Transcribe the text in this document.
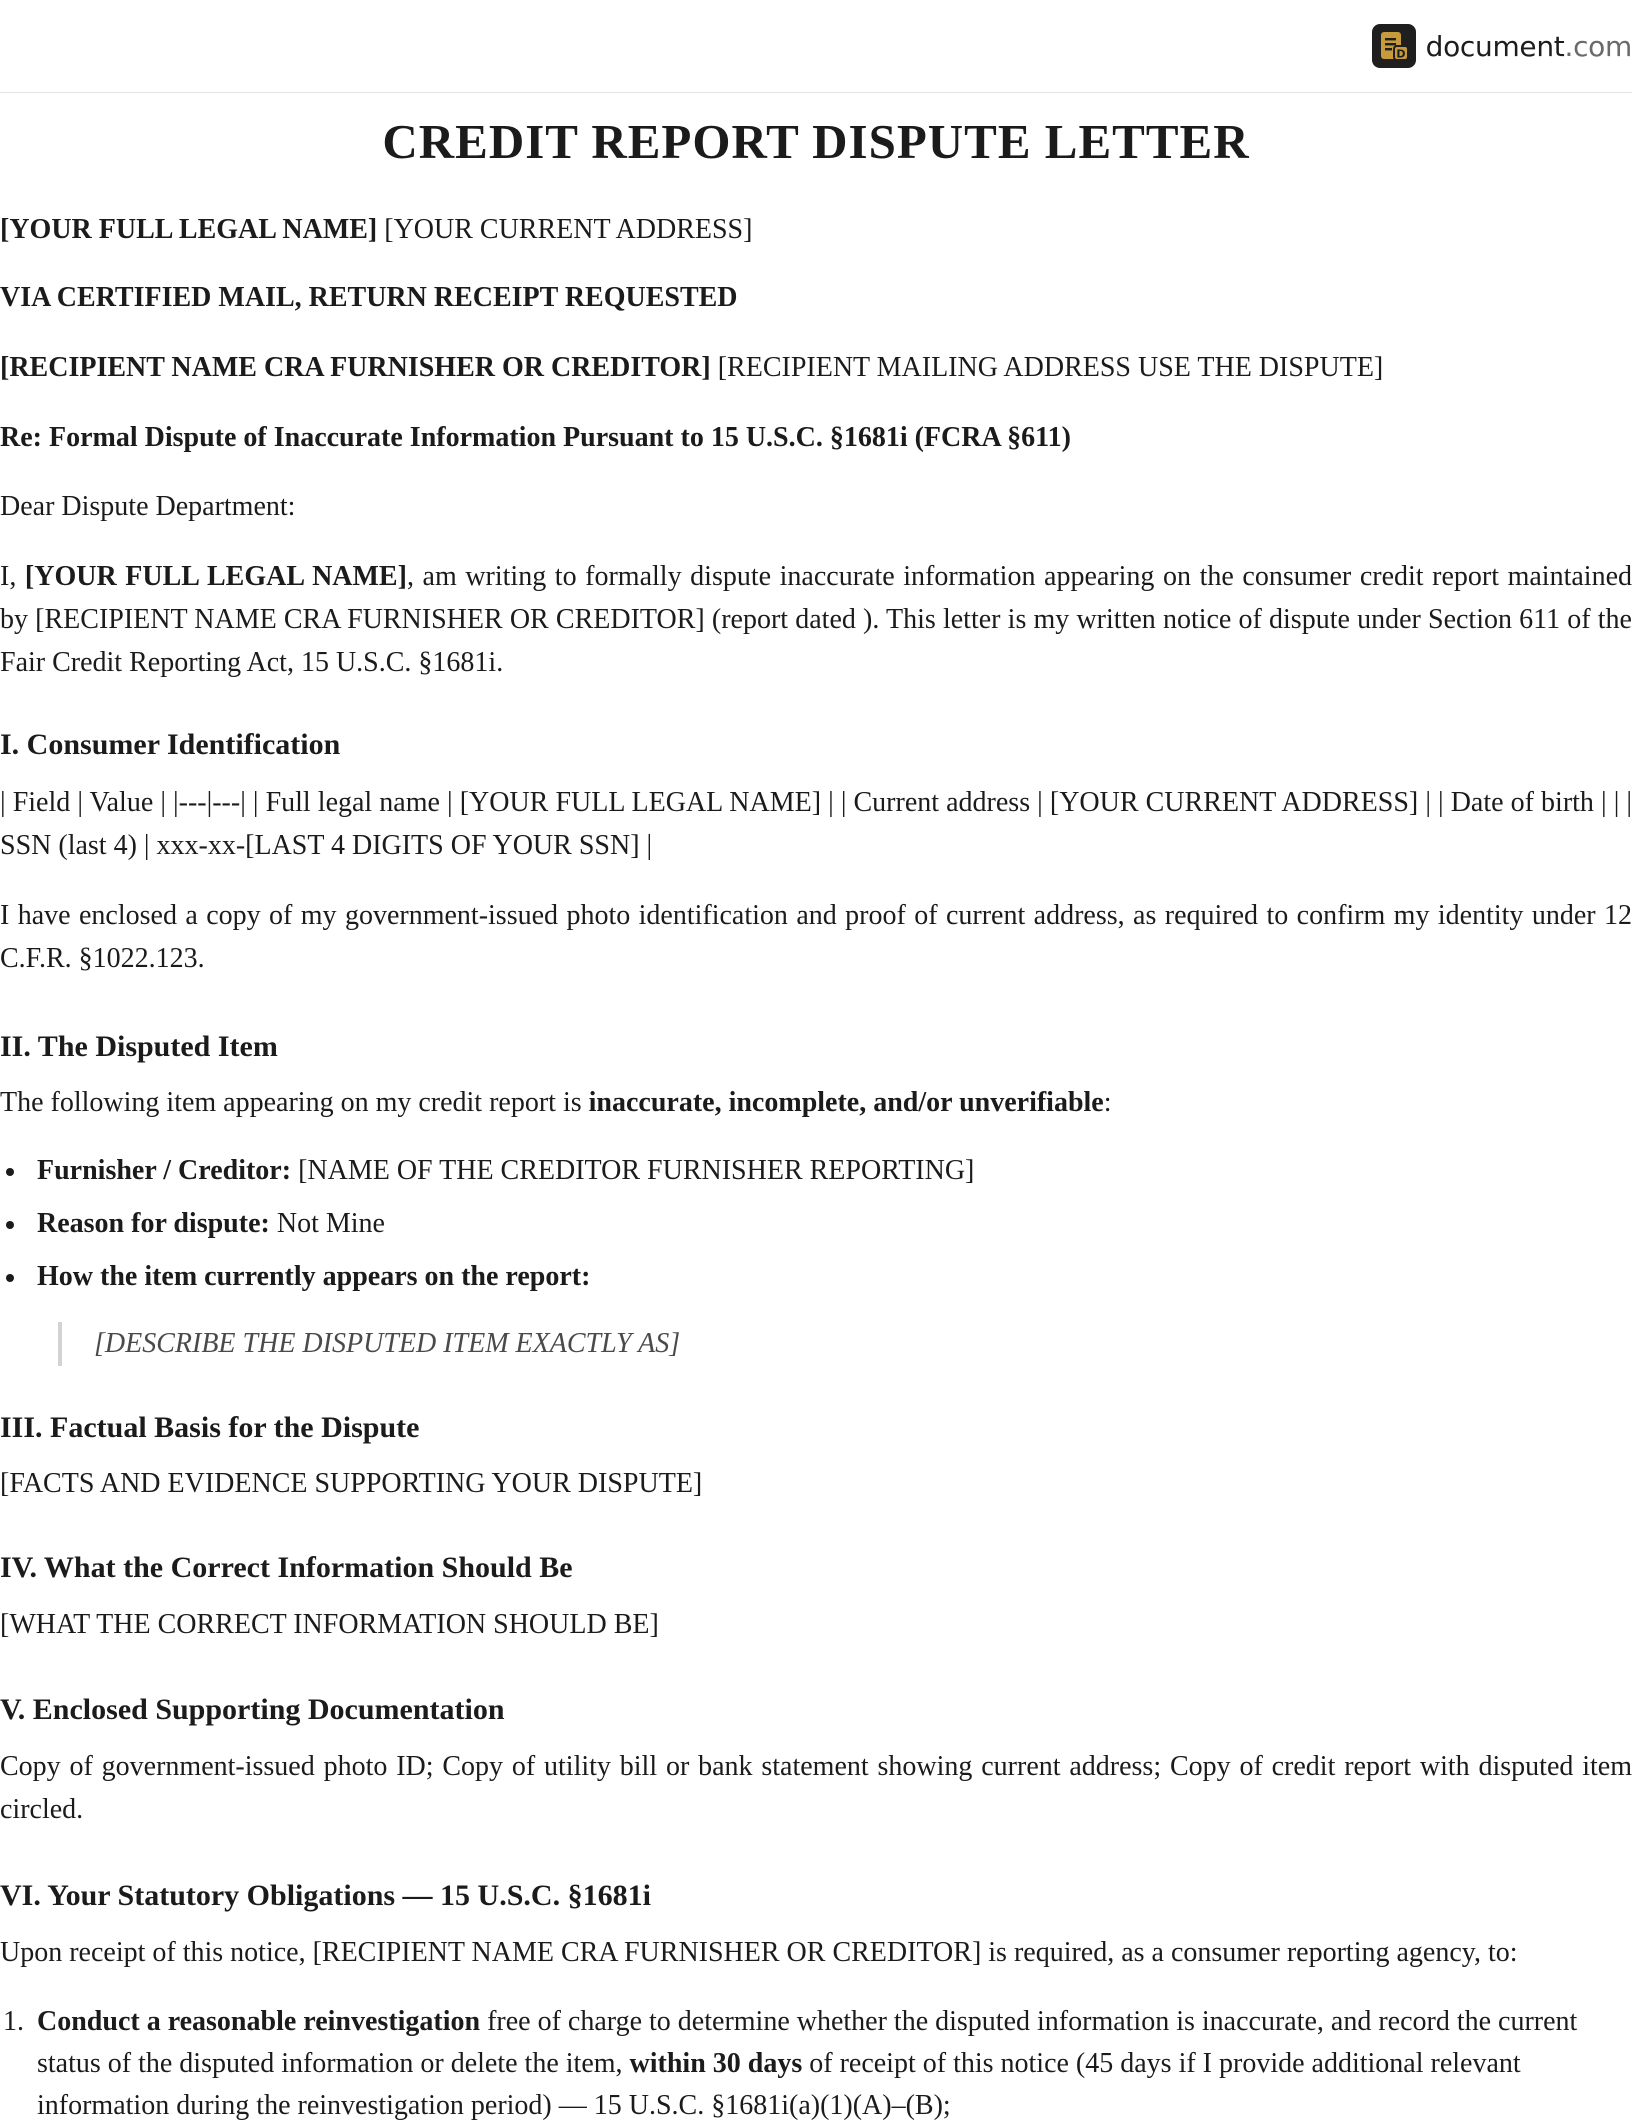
D document.com
CREDIT REPORT DISPUTE LETTER

[YOUR FULL LEGAL NAME] [YOUR CURRENT ADDRESS]

VIA CERTIFIED MAIL, RETURN RECEIPT REQUESTED

[RECIPIENT NAME CRA FURNISHER OR CREDITOR] [RECIPIENT MAILING ADDRESS USE THE DISPUTE]

Re: Formal Dispute of Inaccurate Information Pursuant to 15 U.S.C. §1681i (FCRA §611)

Dear Dispute Department:

I, [YOUR FULL LEGAL NAME], am writing to formally dispute inaccurate information appearing on the consumer credit report maintained by [RECIPIENT NAME CRA FURNISHER OR CREDITOR] (report dated ). This letter is my written notice of dispute under Section 611 of the Fair Credit Reporting Act, 15 U.S.C. §1681i.

I. Consumer Identification

| Field | Value | |---|---| | Full legal name | [YOUR FULL LEGAL NAME] | | Current address | [YOUR CURRENT ADDRESS] | | Date of birth | | | SSN (last 4) | xxx-xx-[LAST 4 DIGITS OF YOUR SSN] |

I have enclosed a copy of my government-issued photo identification and proof of current address, as required to confirm my identity under 12 C.F.R. §1022.123.

II. The Disputed Item

The following item appearing on my credit report is inaccurate, incomplete, and/or unverifiable:

Furnisher / Creditor: [NAME OF THE CREDITOR FURNISHER REPORTING]
Reason for dispute: Not Mine
How the item currently appears on the report:
[DESCRIBE THE DISPUTED ITEM EXACTLY AS]
III. Factual Basis for the Dispute

[FACTS AND EVIDENCE SUPPORTING YOUR DISPUTE]

IV. What the Correct Information Should Be

[WHAT THE CORRECT INFORMATION SHOULD BE]

V. Enclosed Supporting Documentation

Copy of government-issued photo ID; Copy of utility bill or bank statement showing current address; Copy of credit report with disputed item circled.

VI. Your Statutory Obligations — 15 U.S.C. §1681i

Upon receipt of this notice, [RECIPIENT NAME CRA FURNISHER OR CREDITOR] is required, as a consumer reporting agency, to:

1. Conduct a reasonable reinvestigation free of charge to determine whether the disputed information is inaccurate, and record the current status of the disputed information or delete the item, within 30 days of receipt of this notice (45 days if I provide additional relevant information during the reinvestigation period) — 15 U.S.C. §1681i(a)(1)(A)–(B);
